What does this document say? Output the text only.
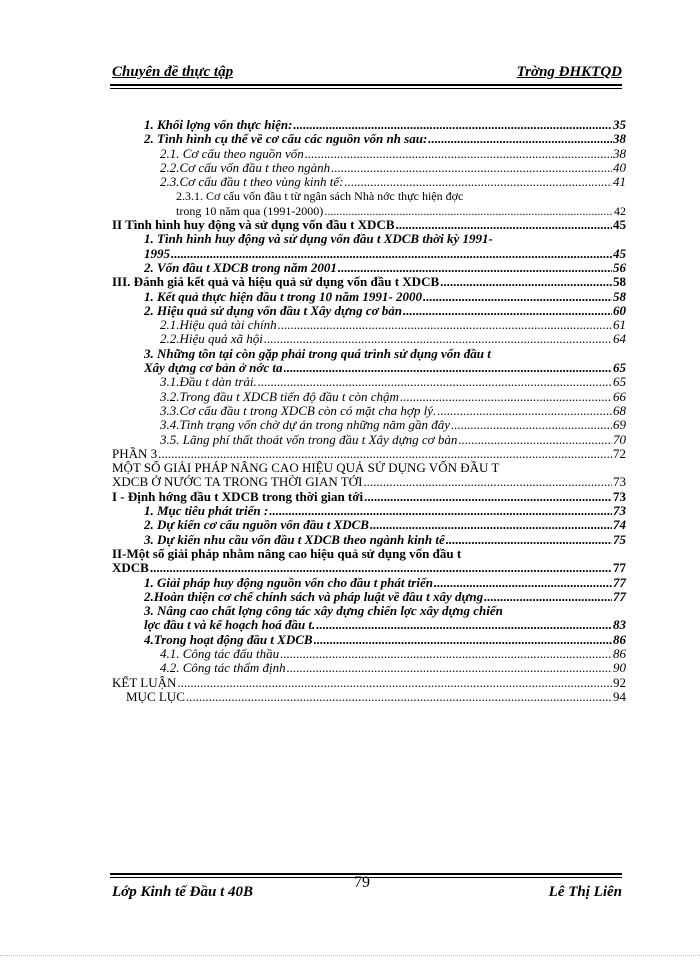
Chuyên đề thực tập	Trờng ĐHKTQD
1. Khối lợng vốn thực hiện: .....	35
2. Tình hình cụ thể về cơ cấu các nguồn vốn nh sau: .....	38
2.1. Cơ cấu theo nguồn vốn .....	38
2.2.Cơ cấu vốn đầu t theo ngành .....	40
2.3.Cơ cấu đầu t theo vùng kinh tế: .....	41
2.3.1. Cơ cấu vốn đầu t từ ngân sách Nhà nớc thực hiện đợc
trong 10 năm qua (1991-2000) .....	42
II Tình hình huy động và sử dụng vốn đầu t XDCB .....	45
1. Tình hình huy động và sử dụng vốn đầu t XDCB thời kỳ 1991-
1995 .....	45
2. Vốn đầu t XDCB trong năm 2001 .....	56
III. Đánh giá kết quả và hiệu quả sử dụng vốn đầu t XDCB .....	58
1. Kết quả thực hiện đầu t trong 10 năm 1991- 2000 .....	58
2. Hiệu quả sử dụng vốn đầu t Xây dựng cơ bản .....	60
2.1.Hiệu quả tài chính .....	61
2.2.Hiệu quả xã hội .....	64
3. Những tồn tại còn gặp phải trong quá trình sử dụng vốn đầu t
Xây dựng cơ bản ở nớc ta .....	65
3.1.Đầu t dàn trải. .....	65
3.2.Trong đầu t XDCB tiến độ đầu t còn chậm .....	66
3.3.Cơ cấu đầu t trong XDCB còn có mặt cha hợp lý. .....	68
3.4.Tình trạng vốn chờ dự án trong những năm gần đây .....	69
3.5. Lãng phí thất thoát vốn trong đầu t Xây dựng cơ bản .....	70
PHẦN 3 .....	72
MỘT SỐ GIẢI PHÁP NÂNG CAO HIỆU QUẢ SỬ DỤNG VỐN ĐẦU T
XDCB Ở NƯỚC TA TRONG THỜI GIAN TỚI .....	73
I - Định hớng đầu t XDCB trong thời gian tới .....	73
1. Mục tiêu phát triển : .....	73
2. Dự kiến cơ cấu nguồn vốn đầu t XDCB .....	74
3. Dự kiến nhu cầu vốn đầu t XDCB theo ngành kinh tế .....	75
II-Một số giải pháp nhằm nâng cao hiệu quả sử dụng vốn đầu t
XDCB .....	77
1. Giải pháp huy động nguồn vốn cho đầu t phát triển .....	77
2.Hoàn thiện cơ chế chính sách và pháp luật về đầu t xây dựng .....	77
3. Nâng cao chất lợng công tác xây dựng chiến lợc xây dựng chiến
lợc đầu t và kế hoạch hoá đầu t. .....	83
4.Trong hoạt động đầu t XDCB .....	86
4.1. Công tác đấu thầu .....	86
4.2. Công tác thẩm định .....	90
KẾT LUẬN .....	92
MỤC LỤC .....	94
Lớp Kinh tế Đầu t 40B
79
Lê Thị Liên
